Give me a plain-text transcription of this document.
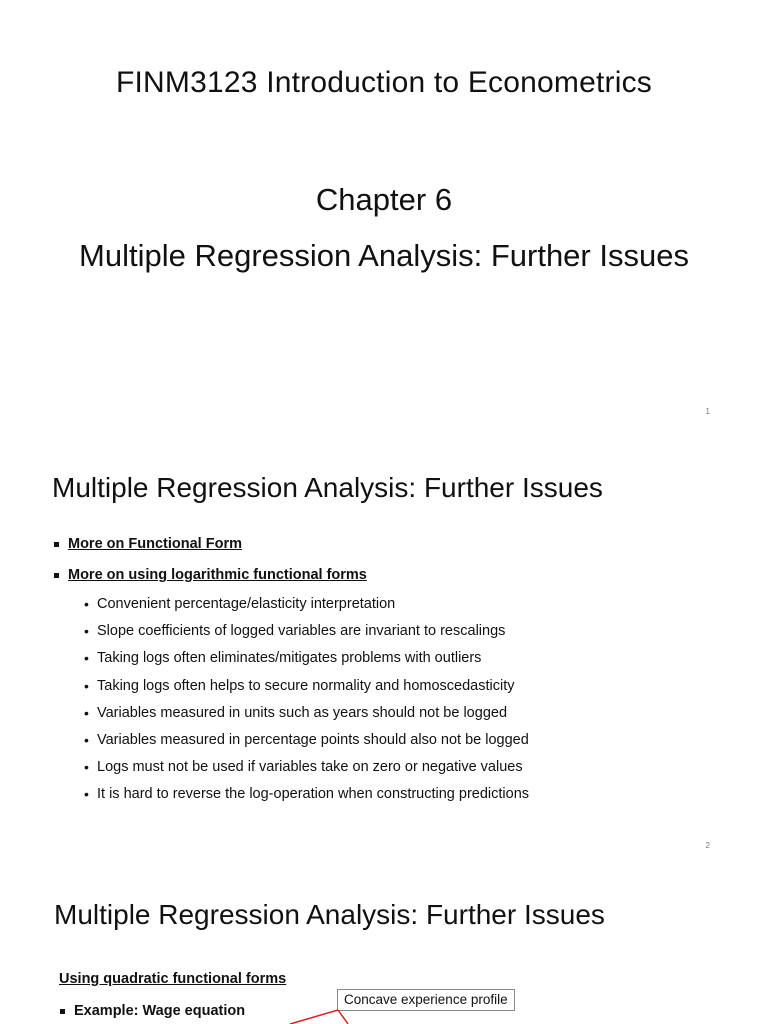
FINM3123 Introduction to Econometrics
Chapter 6
Multiple Regression Analysis: Further Issues
1
Multiple Regression Analysis: Further Issues
More on Functional Form
More on using logarithmic functional forms
• Convenient percentage/elasticity interpretation
• Slope coefficients of logged variables are invariant to rescalings
• Taking logs often eliminates/mitigates problems with outliers
• Taking logs often helps to secure normality and homoscedasticity
• Variables measured in units such as years should not be logged
• Variables measured in percentage points should also not be logged
• Logs must not be used if variables take on zero or negative values
• It is hard to reverse the log-operation when constructing predictions
2
Multiple Regression Analysis: Further Issues
Using quadratic functional forms
Example: Wage equation
Concave experience profile
